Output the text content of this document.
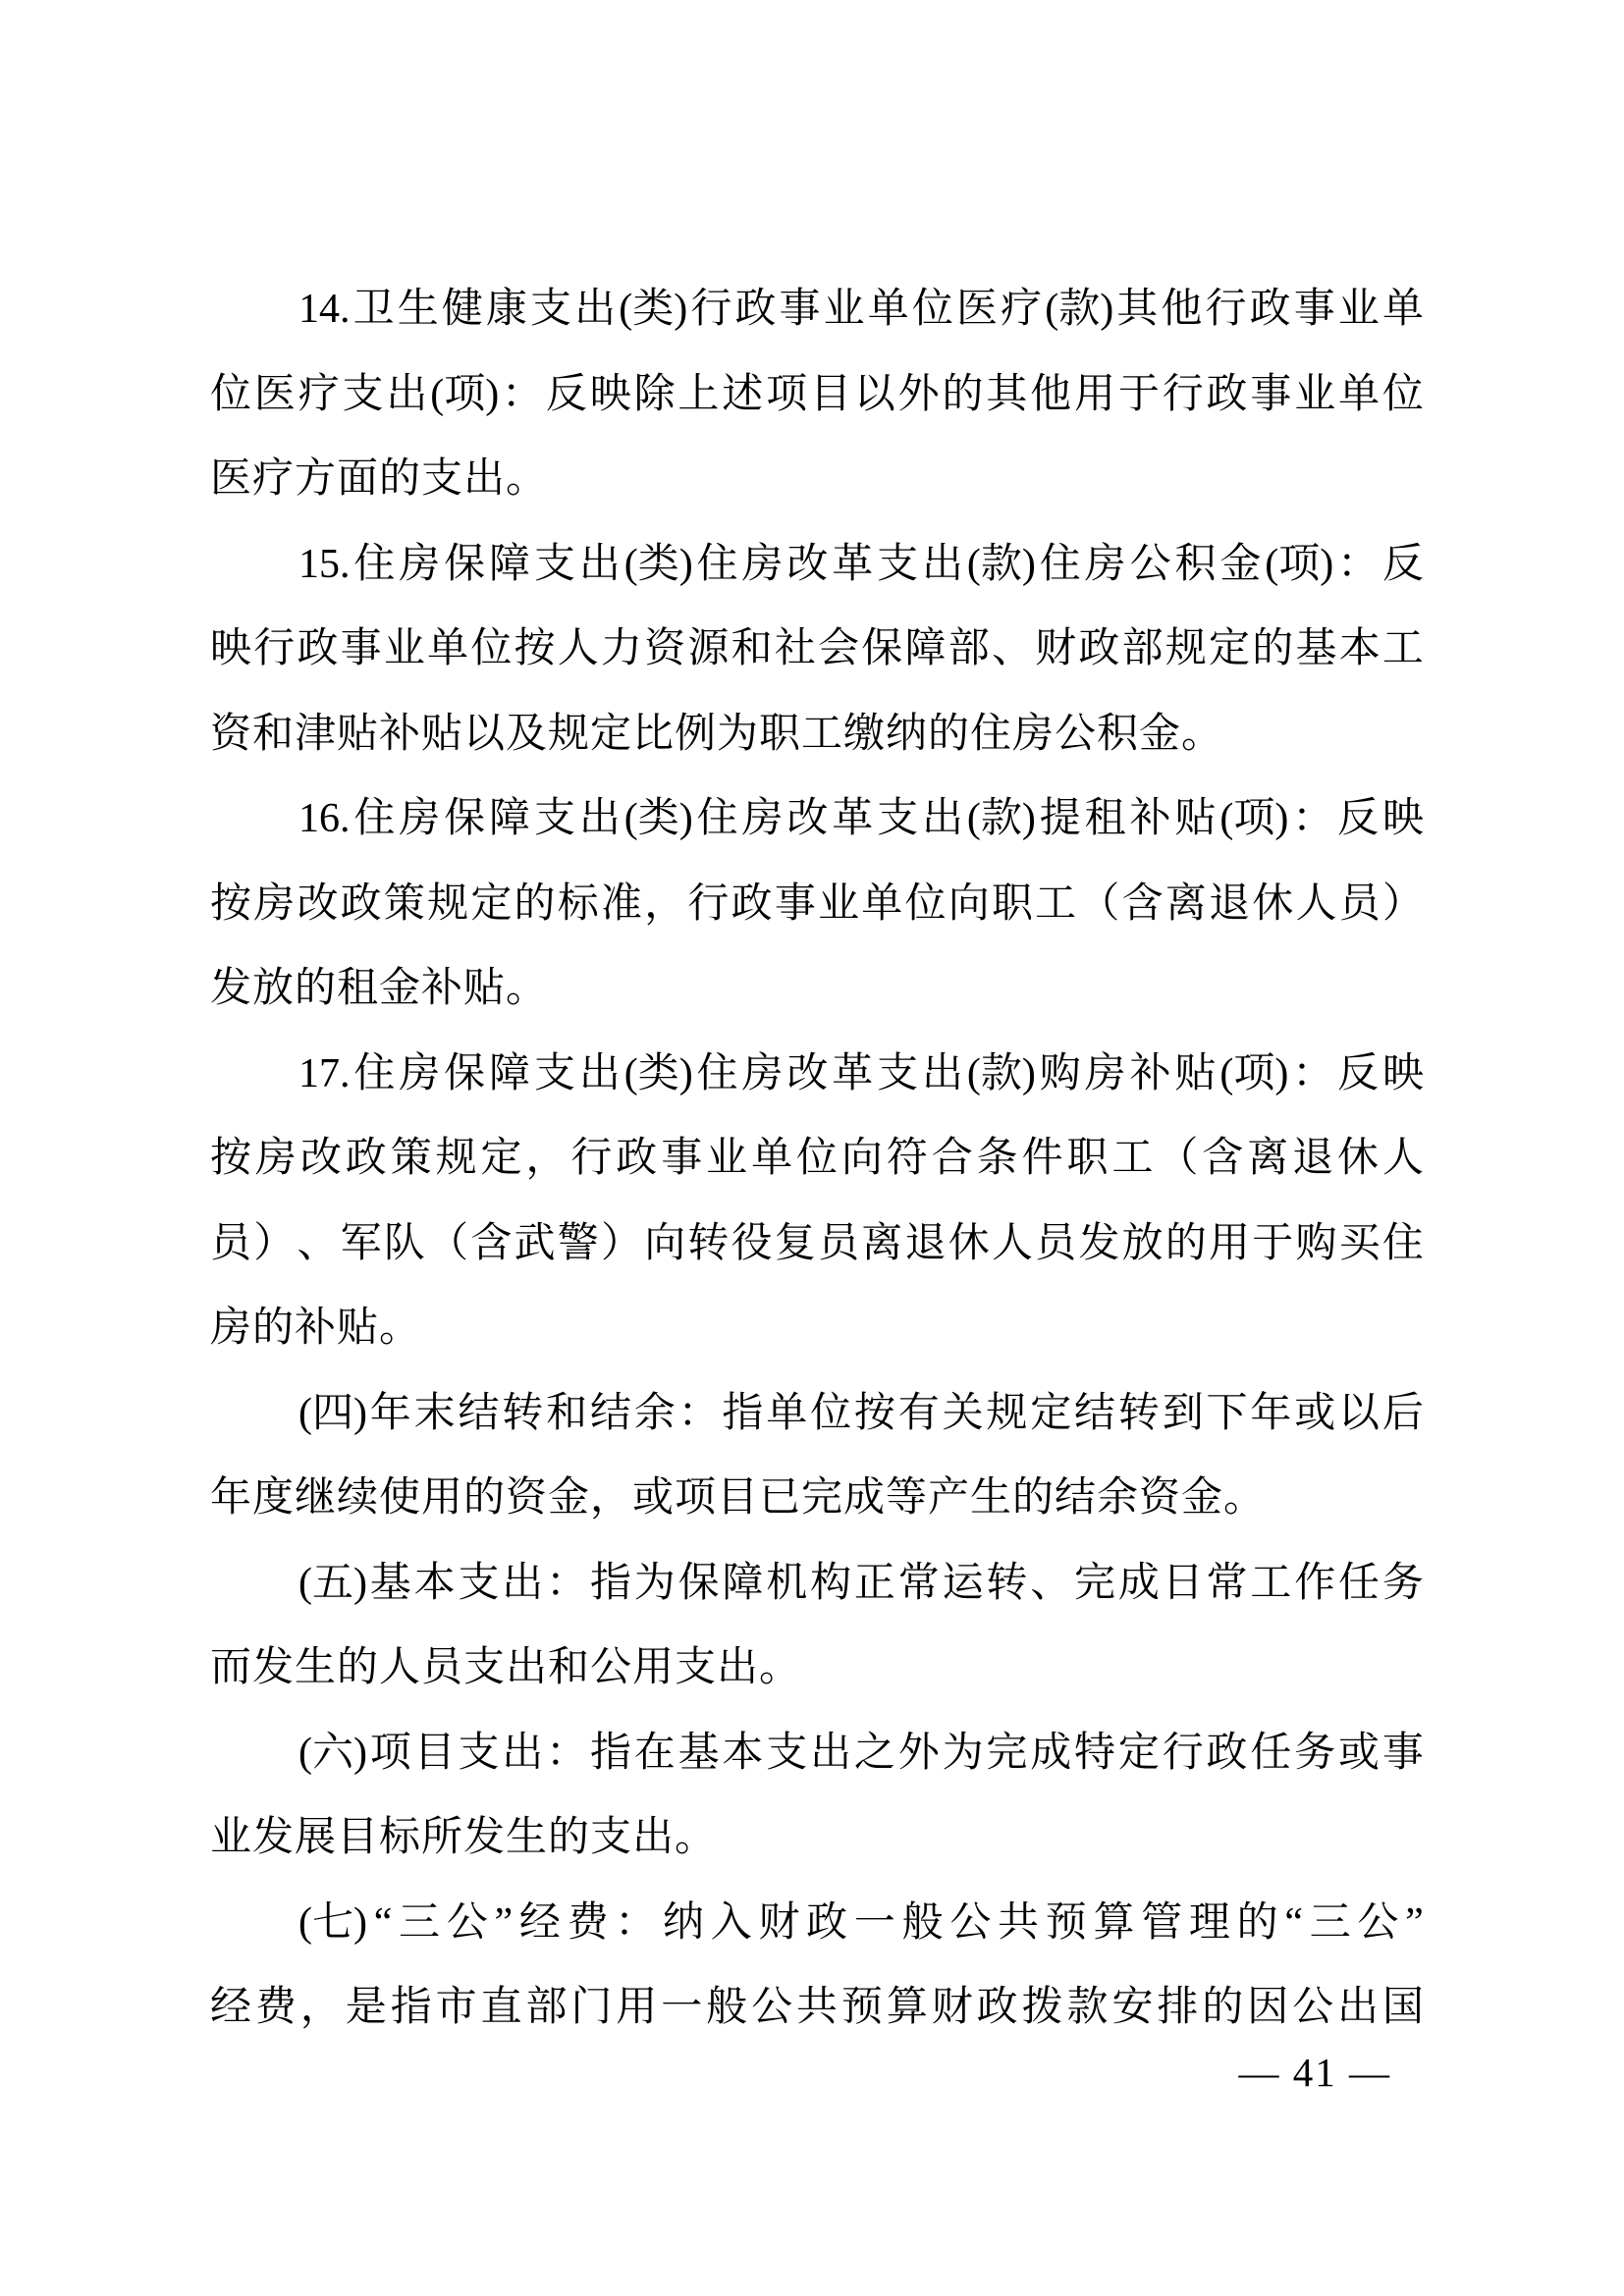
14. 卫 生 健 康 支 出 (类) 行 政 事 业 单 位 医 疗 (款) 其 他 行 政 事 业 单
位 医 疗 支 出 (项) ： 反 映 除 上 述 项 目 以 外 的 其 他 用 于 行 政 事 业 单 位
医疗方面的支出。
15. 住 房 保 障 支 出 (类) 住 房 改 革 支 出 (款) 住 房 公 积 金 (项) ： 反
映 行 政 事 业 单 位 按 人 力 资 源 和 社 会 保 障 部 、 财 政 部 规 定 的 基 本 工
资和津贴补贴以及规定比例为职工缴纳的住房公积金。
16. 住 房 保 障 支 出 (类) 住 房 改 革 支 出 (款) 提 租 补 贴 (项) ： 反 映
按 房 改 政 策 规 定 的 标 准 ， 行 政 事 业 单 位 向 职 工 （ 含 离 退 休 人 员 ）
发放的租金补贴。
17. 住 房 保 障 支 出 (类) 住 房 改 革 支 出 (款) 购 房 补 贴 (项) ： 反 映
按 房 改 政 策 规 定 ， 行 政 事 业 单 位 向 符 合 条 件 职 工 （ 含 离 退 休 人
员 ） 、 军 队 （ 含 武 警 ） 向 转 役 复 员 离 退 休 人 员 发 放 的 用 于 购 买 住
房的补贴。
(四) 年 末 结 转 和 结 余 ： 指 单 位 按 有 关 规 定 结 转 到 下 年 或 以 后
年度继续使用的资金，或项目已完成等产生的结余资金。
(五) 基 本 支 出 ： 指 为 保 障 机 构 正 常 运 转 、 完 成 日 常 工 作 任 务
而发生的人员支出和公用支出。
(六) 项 目 支 出 ： 指 在 基 本 支 出 之 外 为 完 成 特 定 行 政 任 务 或 事
业发展目标所发生的支出。
(七) “ 三 公 ” 经 费 ： 纳 入 财 政 一 般 公 共 预 算 管 理 的 “ 三 公 ”
经 费 ， 是 指 市 直 部 门 用 一 般 公 共 预 算 财 政 拨 款 安 排 的 因 公 出 国
— 41 —
